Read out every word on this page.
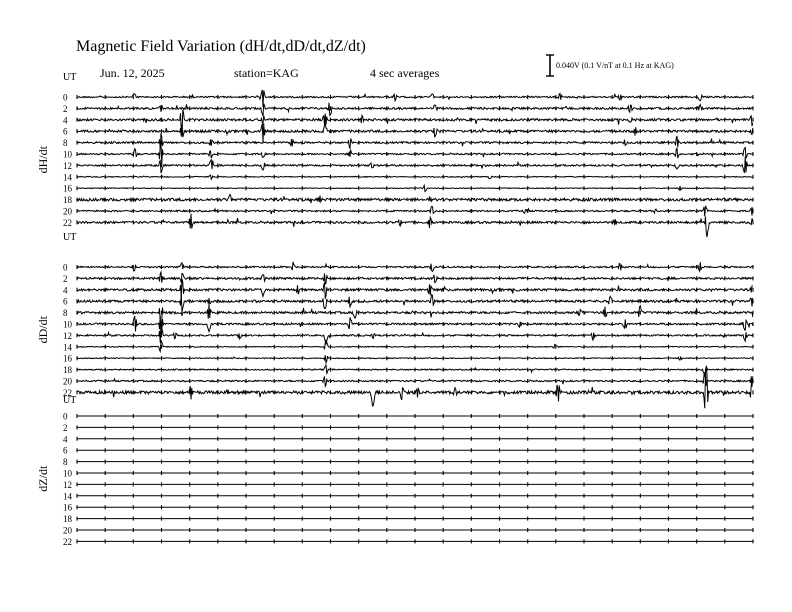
Magnetic Field Variation (dH/dt,dD/dt,dZ/dt)
Jun. 12, 2025	station=KAG	4 sec averages
0.040V (0.1 V/nT at 0.1 Hz at KAG)
UT
dH/dt
0
2
4
6
8
10
12
14
16
18
20
22
UT
dD/dt
0
2
4
6
8
10
12
14
16
18
20
22
UT
dZ/dt
0
2
4
6
8
10
12
14
16
18
20
22
